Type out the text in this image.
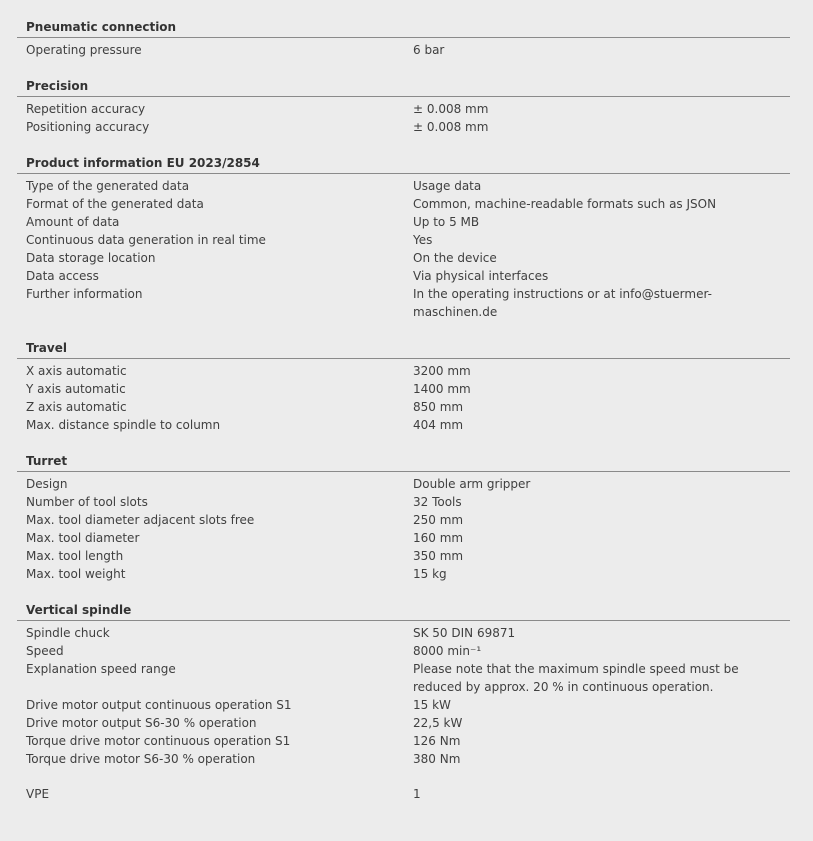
Pneumatic connection
Operating pressure	6 bar
Precision
Repetition accuracy	± 0.008 mm
Positioning accuracy	± 0.008 mm
Product information EU 2023/2854
Type of the generated data	Usage data
Format of the generated data	Common, machine-readable formats such as JSON
Amount of data	Up to 5 MB
Continuous data generation in real time	Yes
Data storage location	On the device
Data access	Via physical interfaces
Further information	In the operating instructions or at info@stuermer-maschinen.de
Travel
X axis automatic	3200 mm
Y axis automatic	1400 mm
Z axis automatic	850 mm
Max. distance spindle to column	404 mm
Turret
Design	Double arm gripper
Number of tool slots	32 Tools
Max. tool diameter adjacent slots free	250 mm
Max. tool diameter	160 mm
Max. tool length	350 mm
Max. tool weight	15 kg
Vertical spindle
Spindle chuck	SK 50 DIN 69871
Speed	8000 min⁻¹
Explanation speed range	Please note that the maximum spindle speed must be reduced by approx. 20 % in continuous operation.
Drive motor output continuous operation S1	15 kW
Drive motor output S6-30 % operation	22,5 kW
Torque drive motor continuous operation S1	126 Nm
Torque drive motor S6-30 % operation	380 Nm
VPE	1
